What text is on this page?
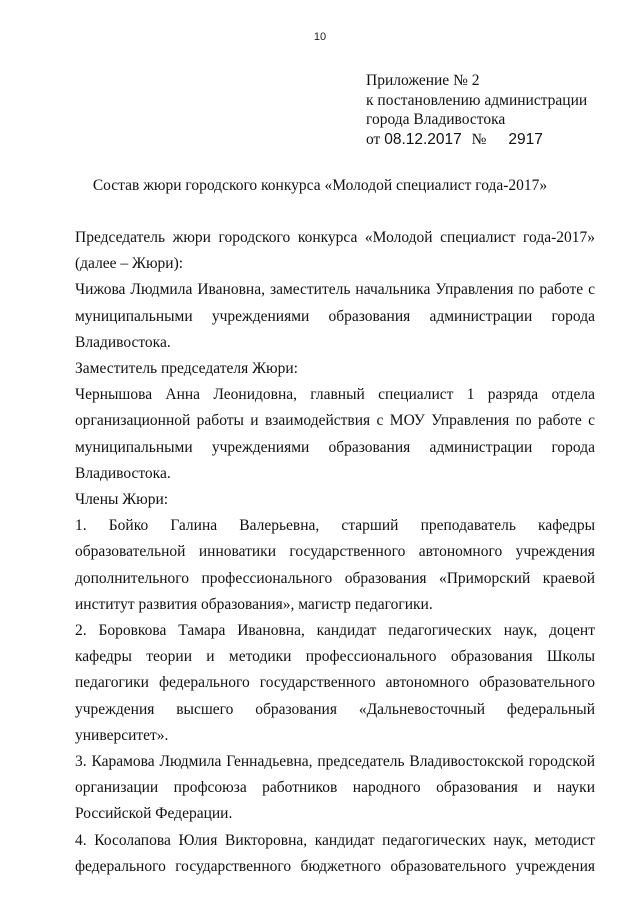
10
Приложение № 2
к постановлению администрации
города Владивостока
от 08.12.2017 № 2917
Состав жюри городского конкурса «Молодой специалист года-2017»

Председатель жюри городского конкурса «Молодой специалист года-2017» (далее – Жюри):

Чижова Людмила Ивановна, заместитель начальника Управления по работе с муниципальными учреждениями образования администрации города Владивостока.

Заместитель председателя Жюри:

Чернышова Анна Леонидовна, главный специалист 1 разряда отдела организационной работы и взаимодействия с МОУ Управления по работе с муниципальными учреждениями образования администрации города Владивостока.

Члены Жюри:

1. Бойко Галина Валерьевна, старший преподаватель кафедры образовательной инноватики государственного автономного учреждения дополнительного профессионального образования «Приморский краевой институт развития образования», магистр педагогики.

2. Боровкова Тамара Ивановна, кандидат педагогических наук, доцент кафедры теории и методики профессионального образования Школы педагогики федерального государственного автономного образовательного учреждения высшего образования «Дальневосточный федеральный университет».

3. Карамова Людмила Геннадьевна, председатель Владивостокской городской организации профсоюза работников народного образования и науки Российской Федерации.

4. Косолапова Юлия Викторовна, кандидат педагогических наук, методист федерального государственного бюджетного образовательного учреждения
